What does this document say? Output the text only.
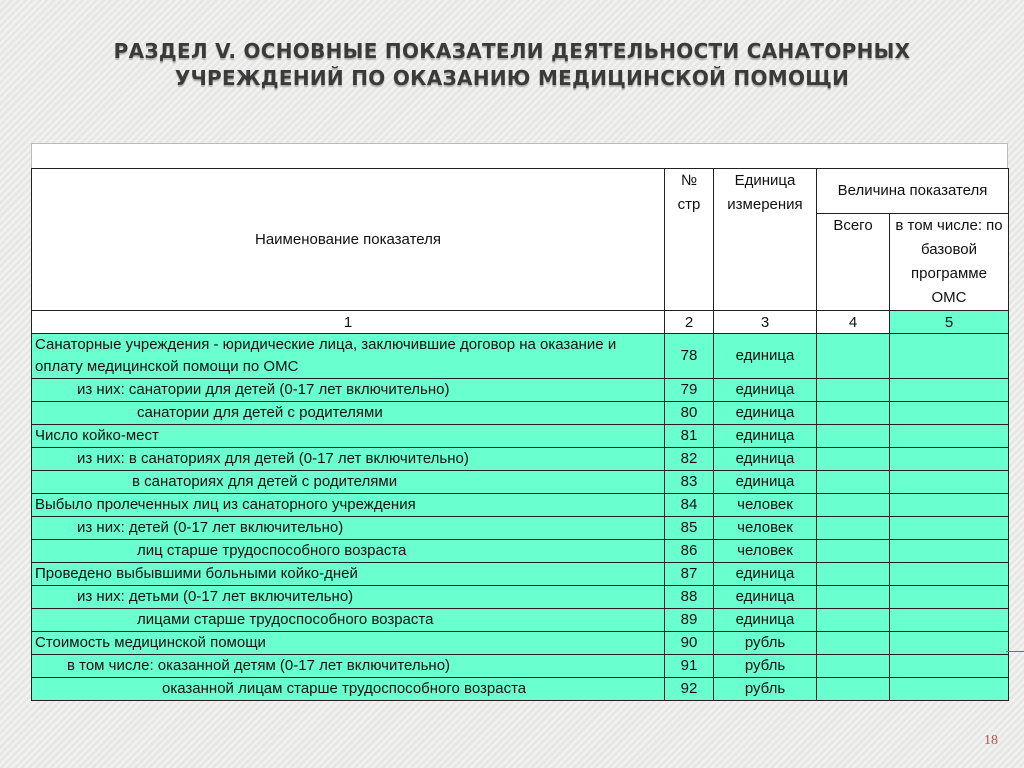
РАЗДЕЛ V. ОСНОВНЫЕ ПОКАЗАТЕЛИ ДЕЯТЕЛЬНОСТИ САНАТОРНЫХ УЧРЕЖДЕНИЙ ПО ОКАЗАНИЮ МЕДИЦИНСКОЙ ПОМОЩИ
Наименование показателя	№ стр	Единица измерения	Величина показателя	
			Всего	в том числе: по базовой программе ОМС
1	2	3	4	5
Санаторные учреждения - юридические лица, заключившие договор на оказание и оплату медицинской помощи по ОМС	78	единица		
из них: санатории для детей (0-17 лет включительно)	79	единица		
санатории для детей с родителями	80	единица		
Число койко-мест	81	единица		
из них: в санаториях для детей (0-17 лет включительно)	82	единица		
в санаториях для детей с родителями	83	единица		
Выбыло пролеченных лиц из санаторного учреждения	84	человек		
из них: детей (0-17 лет включительно)	85	человек		
лиц старше трудоспособного возраста	86	человек		
Проведено выбывшими больными койко-дней	87	единица		
из них: детьми (0-17 лет включительно)	88	единица		
лицами старше трудоспособного возраста	89	единица		
Стоимость медицинской помощи	90	рубль		
в том числе: оказанной детям (0-17 лет включительно)	91	рубль		
оказанной лицам старше трудоспособного возраста	92	рубль		
18
